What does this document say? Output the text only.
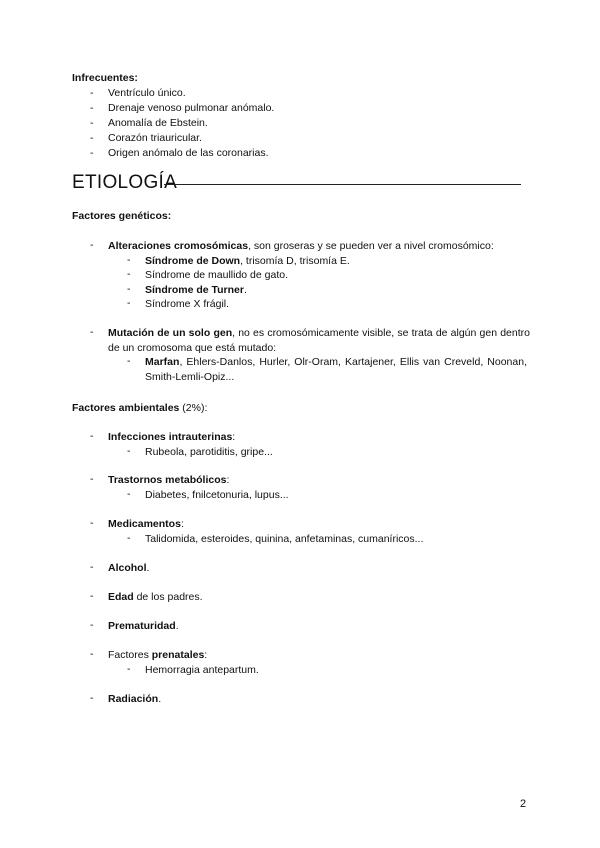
Infrecuentes:
- Ventrículo único.
- Drenaje venoso pulmonar anómalo.
- Anomalía de Ebstein.
- Corazón triauricular.
- Origen anómalo de las coronarias.
ETIOLOGÍA
Factores genéticos:
- Alteraciones cromosómicas, son groseras y se pueden ver a nivel cromosómico:
- Síndrome de Down, trisomía D, trisomía E.
- Síndrome de maullido de gato.
- Síndrome de Turner.
- Síndrome X frágil.
- Mutación de un solo gen, no es cromosómicamente visible, se trata de algún gen dentro de un cromosoma que está mutado:
- Marfan, Ehlers-Danlos, Hurler, Olr-Oram, Kartajener, Ellis van Creveld, Noonan, Smith-Lemli-Opiz...
Factores ambientales (2%):
- Infecciones intrauterinas:
- Rubeola, parotiditis, gripe...
- Trastornos metabólicos:
- Diabetes, fnilcetonuria, lupus...
- Medicamentos:
- Talidomida, esteroides, quinina, anfetaminas, cumaníricos...
- Alcohol.
- Edad de los padres.
- Prematuridad.
- Factores prenatales:
- Hemorragia antepartum.
- Radiación.
2
